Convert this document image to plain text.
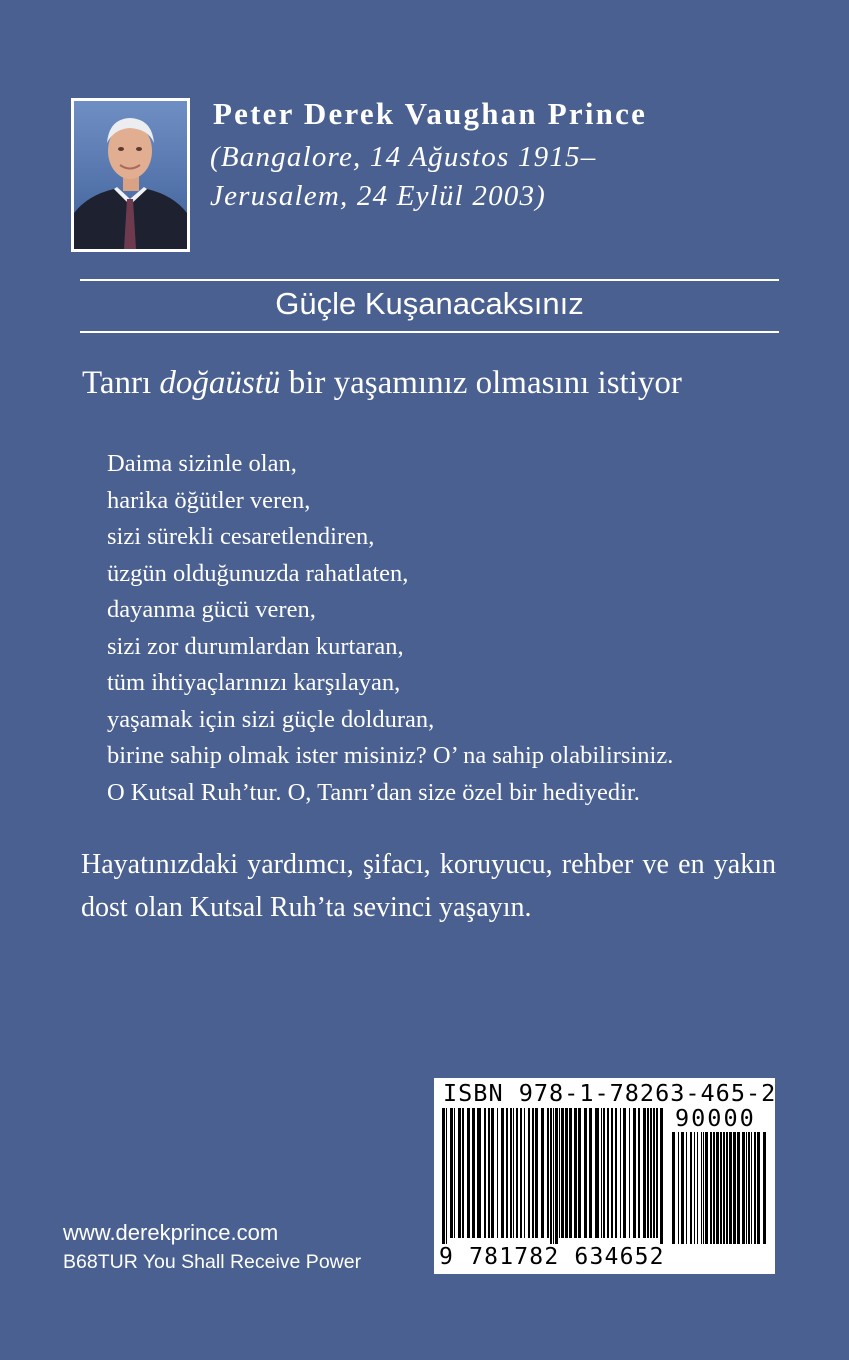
Peter Derek Vaughan Prince
(Bangalore, 14 Ağustos 1915–
Jerusalem, 24 Eylül 2003)
Güçle Kuşanacaksınız
Tanrı doğaüstü bir yaşamınız olmasını istiyor
Daima sizinle olan,
harika öğütler veren,
sizi sürekli cesaretlendiren,
üzgün olduğunuzda rahatlaten,
dayanma gücü veren,
sizi zor durumlardan kurtaran,
tüm ihtiyaçlarınızı karşılayan,
yaşamak için sizi güçle dolduran,
birine sahip olmak ister misiniz? O’ na sahip olabilirsiniz.
O Kutsal Ruh’tur. O, Tanrı’dan size özel bir hediyedir.
Hayatınızdaki yardımcı, şifacı, koruyucu, rehber ve en yakın dost olan Kutsal Ruh’ta sevinci yaşayın.
ISBN 978-1-78263-465-2
90000
9 781782 634652
www.derekprince.com
B68TUR You Shall Receive Power
